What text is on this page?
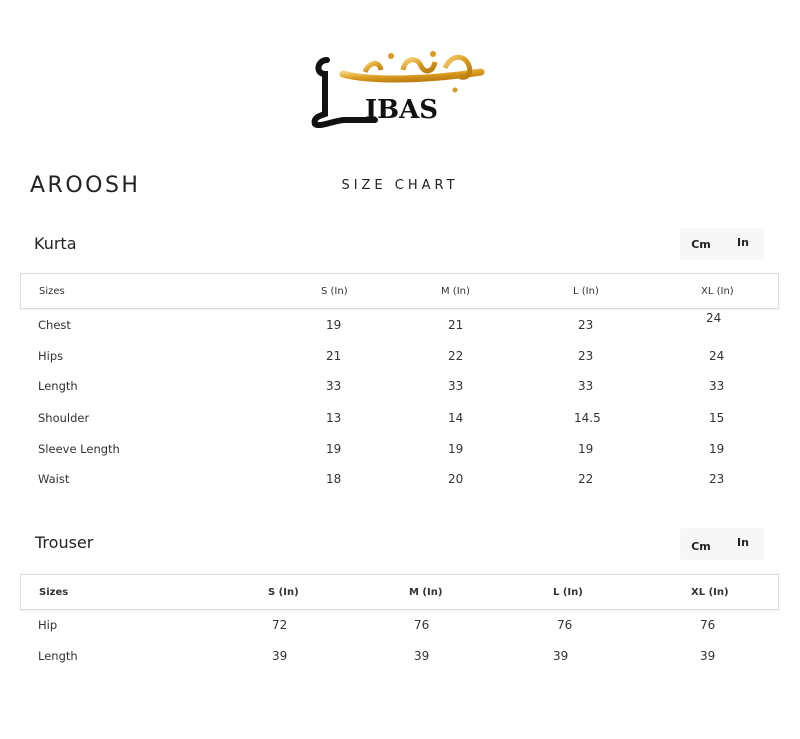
IBAS
AROOSH	SIZE CHART
Kurta	Cm	In
Sizes	S (In)	M (In)	L (In)	XL (In)
Chest	19	21	23	24
Hips	21	22	23	24
Length	33	33	33	33
Shoulder	13	14	14.5	15
Sleeve Length	19	19	19	19
Waist	18	20	22	23
Trouser	Cm	In
Sizes	S (In)	M (In)	L (In)	XL (In)
Hip	72	76	76	76
Length	39	39	39	39
